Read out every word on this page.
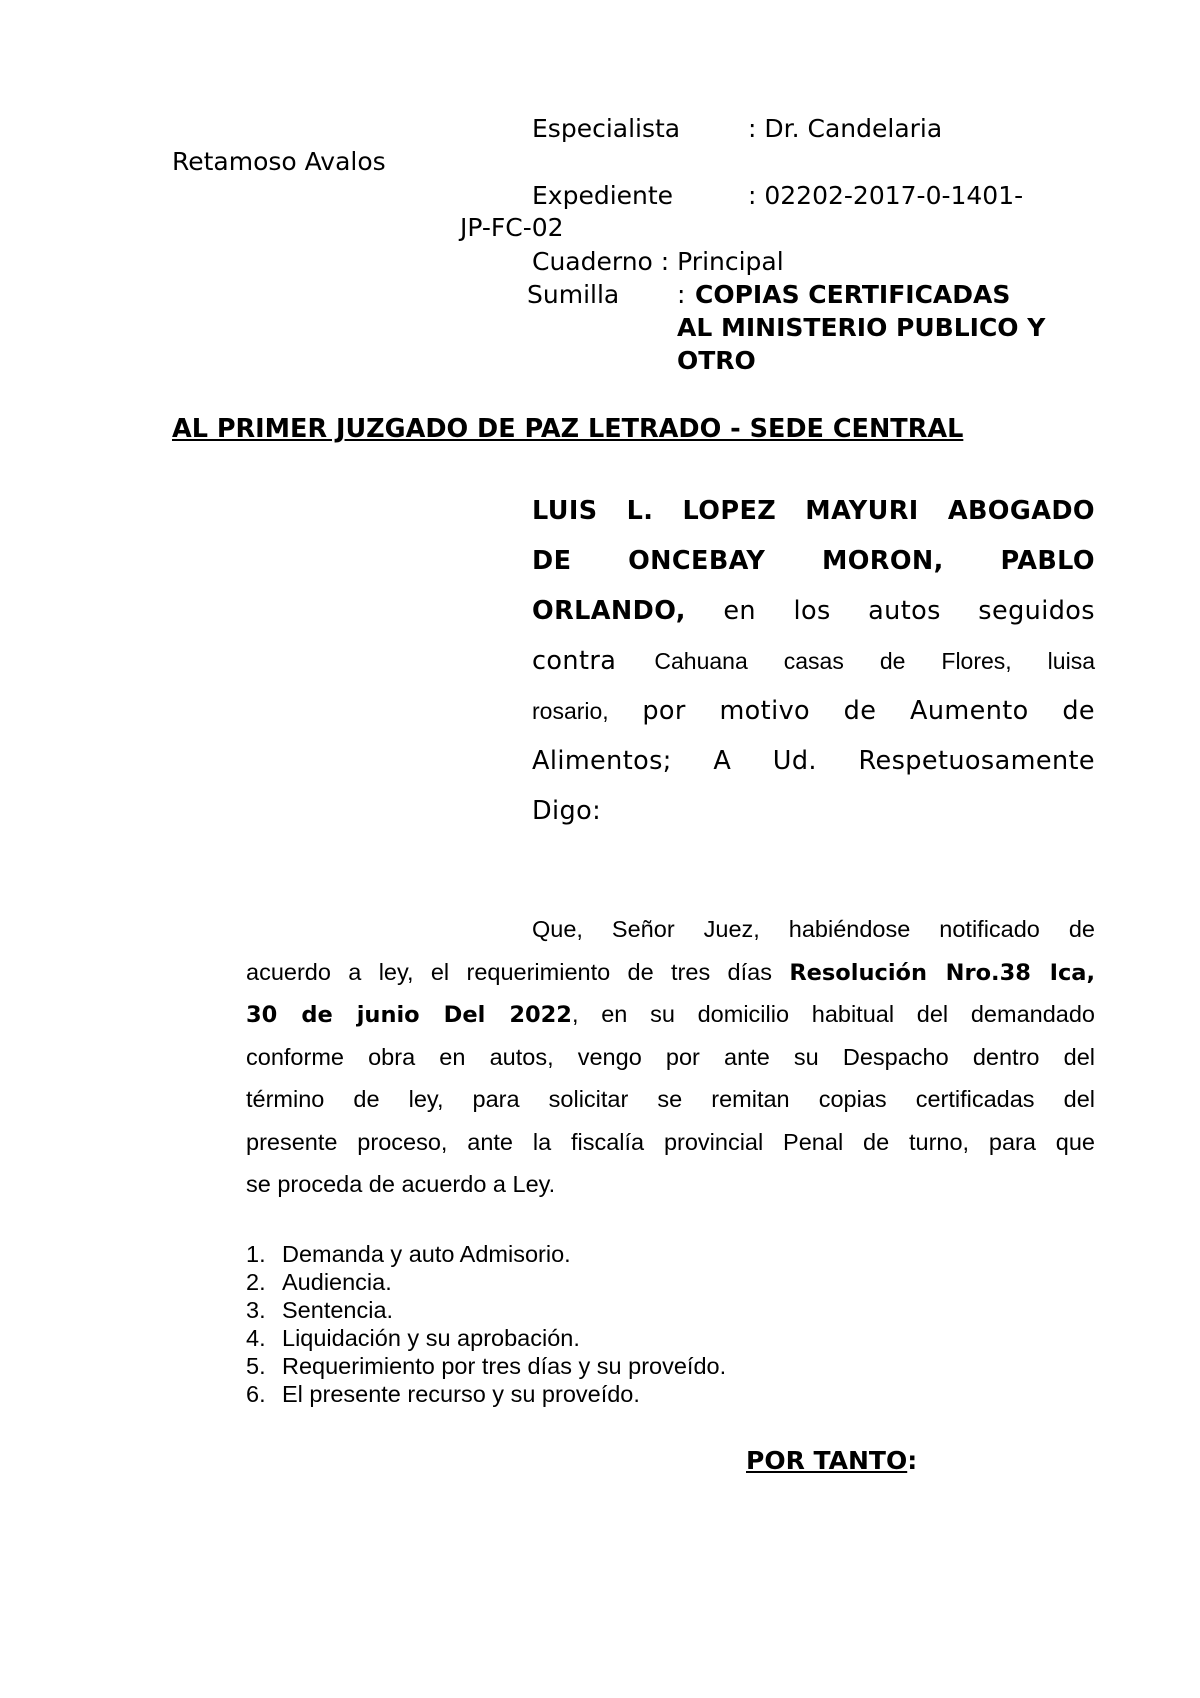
Especialista	: Dr. Candelaria
Retamoso Avalos
Expediente	: 02202-2017-0-1401-
JP-FC-02
Cuaderno : Principal
Sumilla : COPIAS CERTIFICADAS
AL MINISTERIO PUBLICO Y
OTRO
AL PRIMER JUZGADO DE PAZ LETRADO - SEDE CENTRAL
LUIS L. LOPEZ MAYURI ABOGADO
DE ONCEBAY MORON, PABLO
ORLANDO, en los autos seguidos
contra Cahuana casas de Flores, luisa
rosario, por motivo de Aumento de
Alimentos; A Ud. Respetuosamente
Digo:
Que, Señor Juez, habiéndose notificado de
acuerdo a ley, el requerimiento de tres días Resolución Nro.38 Ica,
30 de junio Del 2022, en su domicilio habitual del demandado
conforme obra en autos, vengo por ante su Despacho dentro del
término de ley, para solicitar se remitan copias certificadas del
presente proceso, ante la fiscalía provincial Penal de turno, para que
se proceda de acuerdo a Ley.
1. Demanda y auto Admisorio.
2. Audiencia.
3. Sentencia.
4. Liquidación y su aprobación.
5. Requerimiento por tres días y su proveído.
6. El presente recurso y su proveído.
POR TANTO:
